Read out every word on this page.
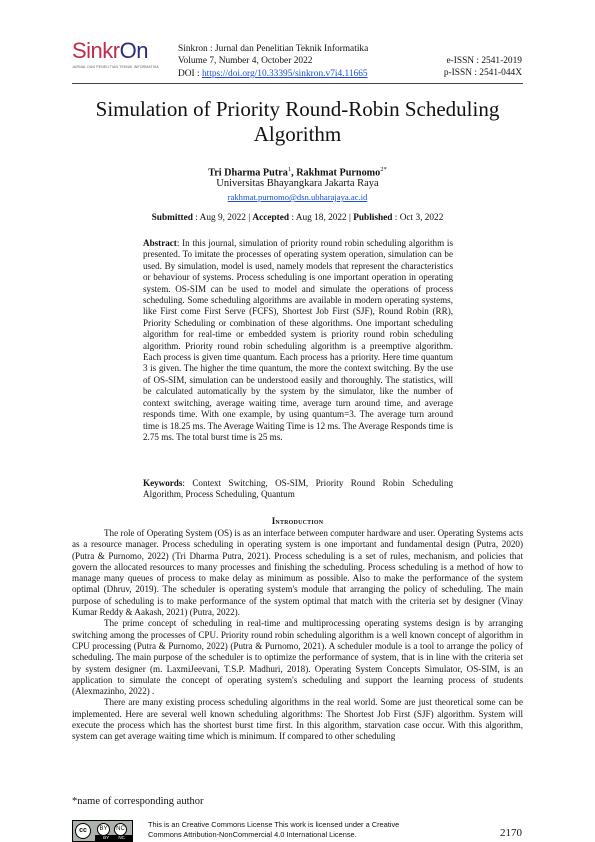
SinkrOn
JURNAL DAN PENELITIAN TEKNIK INFORMATIKA
Sinkron : Jurnal dan Penelitian Teknik Informatika
Volume 7, Number 4, October 2022
DOI : https://doi.org/10.33395/sinkron.v7i4.11665
e-ISSN : 2541-2019
p-ISSN : 2541-044X
Simulation of Priority Round-Robin Scheduling Algorithm
Tri Dharma Putra$^1$, Rakhmat Purnomo$^{2*}$
Universitas Bhayangkara Jakarta Raya
rakhmat.purnomo@dsn.ubharajaya.ac.id
Submitted : Aug 9, 2022 | Accepted : Aug 18, 2022 | Published : Oct 3, 2022
Abstract: In this journal, simulation of priority round robin scheduling algorithm is presented. To imitate the processes of operating system operation, simulation can be used. By simulation, model is used, namely models that represent the characteristics or behaviour of systems. Process scheduling is one important operation in operating system. OS-SIM can be used to model and simulate the operations of process scheduling. Some scheduling algorithms are available in modern operating systems, like First come First Serve (FCFS), Shortest Job First (SJF), Round Robin (RR), Priority Scheduling or combination of these algorithms. One important scheduling algorithm for real-time or embedded system is priority round robin scheduling algorithm. Priority round robin scheduling algorithm is a preemptive algorithm. Each process is given time quantum. Each process has a priority. Here time quantum 3 is given. The higher the time quantum, the more the context switching. By the use of OS-SIM, simulation can be understood easily and thoroughly. The statistics, will be calculated automatically by the system by the simulator, like the number of context switching, average waiting time, average turn around time, and average responds time. With one example, by using quantum=3. The average turn around time is 18.25 ms. The Average Waiting Time is 12 ms. The Average Responds time is 2.75 ms. The total burst time is 25 ms.
Keywords: Context Switching, OS-SIM, Priority Round Robin Scheduling Algorithm, Process Scheduling, Quantum
Introduction

The role of Operating System (OS) is as an interface between computer hardware and user. Operating Systems acts as a resource manager. Process scheduling in operating system is one important and fundamental design (Putra, 2020) (Putra & Purnomo, 2022) (Tri Dharma Putra, 2021). Process scheduling is a set of rules, mechanism, and policies that govern the allocated resources to many processes and finishing the scheduling. Process scheduling is a method of how to manage many queues of process to make delay as minimum as possible. Also to make the performance of the system optimal (Dhruv, 2019). The scheduler is operating system's module that arranging the policy of scheduling. The main purpose of scheduling is to make performance of the system optimal that match with the criteria set by designer (Vinay Kumar Reddy & Aakash, 2021) (Putra, 2022).

The prime concept of scheduling in real-time and multiprocessing operating systems design is by arranging switching among the processes of CPU. Priority round robin scheduling algorithm is a well known concept of algorithm in CPU processing (Putra & Purnomo, 2022) (Putra & Purnomo, 2021). A scheduler module is a tool to arrange the policy of scheduling. The main purpose of the scheduler is to optimize the performance of system, that is in line with the criteria set by system designer (m. LaxmiJeevani, T.S.P. Madhuri, 2018). Operating System Concepts Simulator, OS-SIM, is an application to simulate the concept of operating system's scheduling and support the learning process of students (Alexmazinho, 2022) .

There are many existing process scheduling algorithms in the real world. Some are just theoretical some can be implemented. Here are several well known scheduling algorithms: The Shortest Job First (SJF) algorithm. System will execute the process which has the shortest burst time first. In this algorithm, starvation case occur. With this algorithm, system can get average waiting time which is minimum. If compared to other scheduling

*name of corresponding author
cc	BY	NC
BY NC
This is an Creative Commons License This work is licensed under a Creative
Commons Attribution-NonCommercial 4.0 International License.	2170
